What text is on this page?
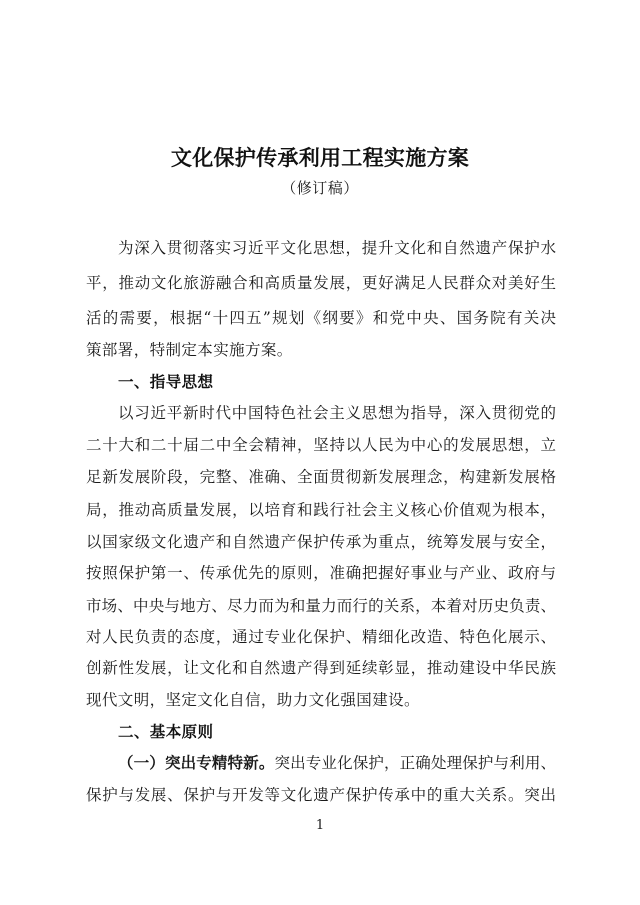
文化保护传承利用工程实施方案
（修订稿）
为深入贯彻落实习近平文化思想，提升文化和自然遗产保护水
平，推动文化旅游融合和高质量发展，更好满足人民群众对美好生
活的需要，根据“十四五”规划《纲要》和党中央、国务院有关决
策部署，特制定本实施方案。
一、指导思想
以习近平新时代中国特色社会主义思想为指导，深入贯彻党的
二十大和二十届二中全会精神，坚持以人民为中心的发展思想，立
足新发展阶段，完整、准确、全面贯彻新发展理念，构建新发展格
局，推动高质量发展，以培育和践行社会主义核心价值观为根本，
以国家级文化遗产和自然遗产保护传承为重点，统筹发展与安全，
按照保护第一、传承优先的原则，准确把握好事业与产业、政府与
市场、中央与地方、尽力而为和量力而行的关系，本着对历史负责、
对人民负责的态度，通过专业化保护、精细化改造、特色化展示、
创新性发展，让文化和自然遗产得到延续彰显，推动建设中华民族
现代文明，坚定文化自信，助力文化强国建设。
二、基本原则
（一）突出专精特新。突出专业化保护，正确处理保护与利用、
保护与发展、保护与开发等文化遗产保护传承中的重大关系。突出
1
